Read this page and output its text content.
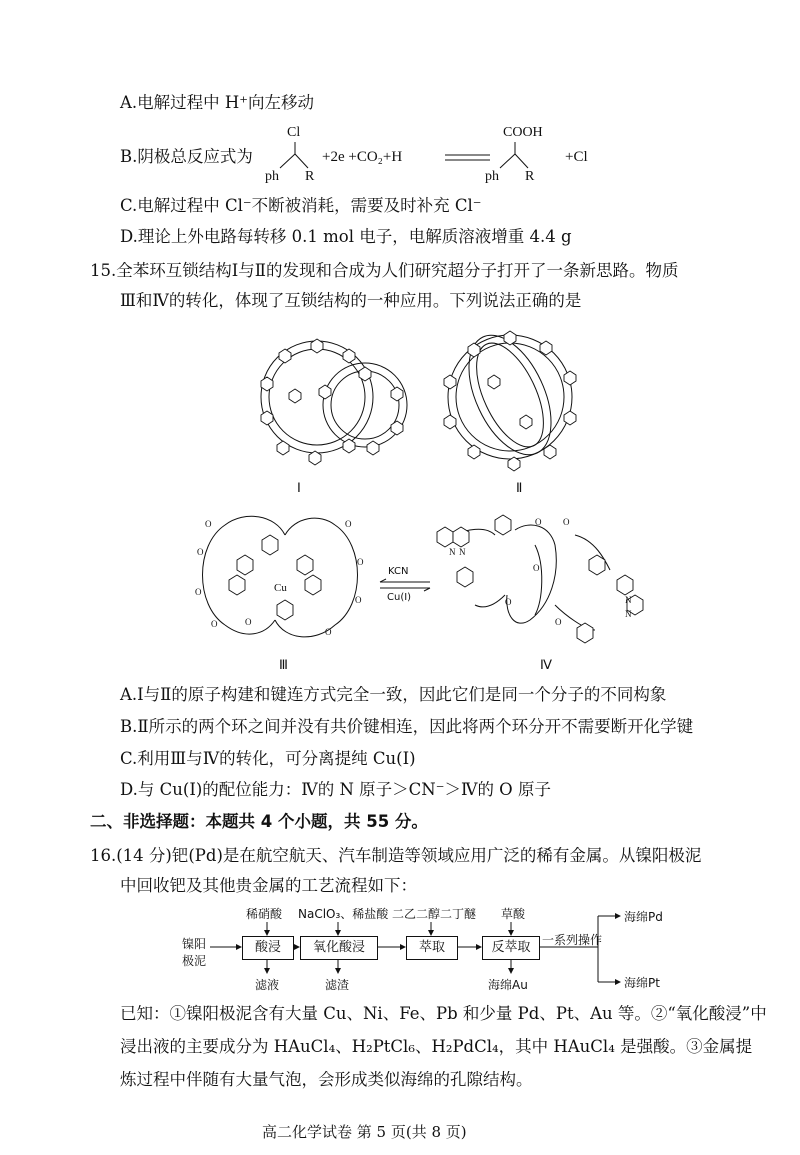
A.电解过程中 H⁺向左移动
B.阴极总反应式为
Cl
ph R
+2e +CO₂+H
COOH
ph R
+Cl
C.电解过程中 Cl⁻不断被消耗，需要及时补充 Cl⁻
D.理论上外电路每转移 0.1 mol 电子，电解质溶液增重 4.4 g
15.全苯环互锁结构Ⅰ与Ⅱ的发现和合成为人们研究超分子打开了一条新思路。物质
Ⅲ和Ⅳ的转化，体现了互锁结构的一种应用。下列说法正确的是
Ⅰ	Ⅱ
O
O
O
O	O
O
O
O
O
Cu
Ⅲ
KCN
Cu(Ⅰ)
N N
N
N
O O
O
O
O
Ⅳ
A.Ⅰ与Ⅱ的原子构建和键连方式完全一致，因此它们是同一个分子的不同构象
B.Ⅱ所示的两个环之间并没有共价键相连，因此将两个环分开不需要断开化学键
C.利用Ⅲ与Ⅳ的转化，可分离提纯 Cu(Ⅰ)
D.与 Cu(Ⅰ)的配位能力：Ⅳ的 N 原子＞CN⁻＞Ⅳ的 O 原子
二、非选择题：本题共 4 个小题，共 55 分。
16.(14 分)钯(Pd)是在航空航天、汽车制造等领域应用广泛的稀有金属。从镍阳极泥
中回收钯及其他贵金属的工艺流程如下：
镍阳
极泥
稀硝酸 NaClO₃、稀盐酸 二乙二醇二丁醚 草酸
酸浸	氧化酸浸	萃取	反萃取 一系列操作
海绵Pd
海绵Pt
滤液	滤渣	海绵Au
已知：①镍阳极泥含有大量 Cu、Ni、Fe、Pb 和少量 Pd、Pt、Au 等。②“氧化酸浸”中
浸出液的主要成分为 HAuCl₄、H₂PtCl₆、H₂PdCl₄，其中 HAuCl₄ 是强酸。③金属提
炼过程中伴随有大量气泡，会形成类似海绵的孔隙结构。
高二化学试卷 第 5 页(共 8 页)
